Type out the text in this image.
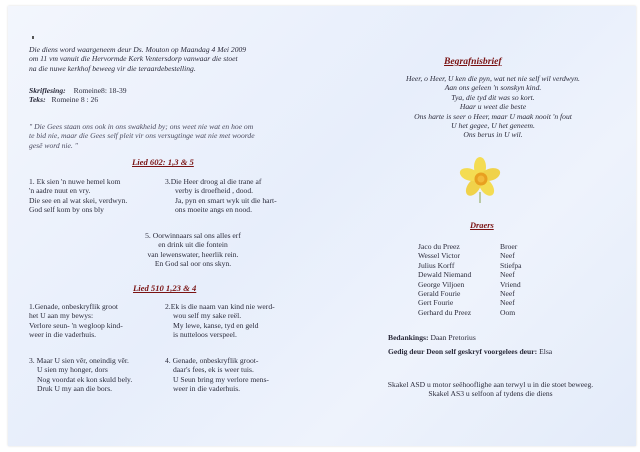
Die diens word waargeneem deur Ds. Mouton op Maandag 4 Mei 2009
om 11 vm vanuit die Hervormde Kerk Ventersdorp vanwaar die stoet
na die nuwe kerkhof beweeg vir die teraardebestelling.
Skriflesing: Romeine8: 18-39
Teks: Romeine 8 : 26
" Die Gees staan ons ook in ons swakheid by; ons weet nie wat en hoe om
te bid nie, maar die Gees self pleit vir ons versugtinge wat nie met woorde
gesê word nie. "
Lied 602: 1,3 & 5
1. Ek sien 'n nuwe hemel kom
'n aadre nuut en vry.
Die see en al wat skei, verdwyn.
God self kom by ons bly
3.Die Heer droog al die trane af
verby is droefheid , dood.
Ja, pyn en smart wyk uit die hart-
ons moeite angs en nood.
5. Oorwinnaars sal ons alles erf
en drink uit die fontein
van lewenswater, heerlik rein.
En God sal oor ons skyn.
Lied 510 1,23 & 4
1.Genade, onbeskryflik groot
het U aan my bewys:
Verlore seun- 'n wegloop kind-
weer in die vaderhuis.
2.Ek is die naam van kind nie werd-
wou self my sake reël.
My lewe, kanse, tyd en geld
is nutteloos verspeel.
3. Maar U sien vêr, oneindig vêr.
U sien my honger, dors
Nog voordat ek kon skuld bely.
Druk U my aan die bors.
4. Genade, onbeskryflik groot-
daar's fees, ek is weer tuis.
U Seun bring my verlore mens-
weer in die vaderhuis.
Begrafnisbrief
Heer, o Heer, U ken die pyn, wat net nie self wil verdwyn.
Aan ons geleen 'n sonskyn kind.
Tya, die tyd dit was so kort.
Haar u weet die beste
Ons harte is seer o Heer, maar U maak nooit 'n fout
U het gegee, U het geneem.
Ons berus in U wil.
Draers
Jaco du Preez	Broer
Wessel Victor	Neef
Julius Korff	Stiefpa
Dewald Niemand	Neef
George Viljoen	Vriend
Gerald Fourie	Neef
Gert Fourie	Neef
Gerhard du Preez	Oom
Bedankings: Daan Pretorius
Gedig deur Deon self geskryf voorgelees deur: Elsa
Skakel ASD u motor seëhooflighe aan terwyl u in die stoet beweeg.
Skakel AS3 u selfoon af tydens die diens
